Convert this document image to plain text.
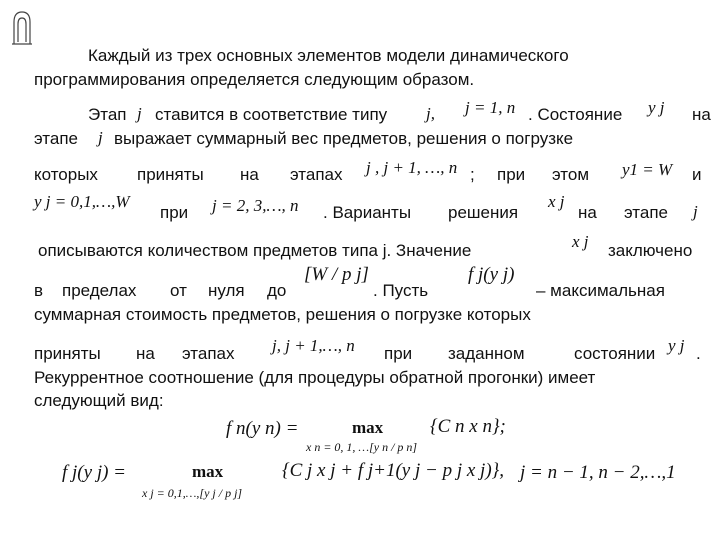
Каждый из трех основных элементов модели динамического
программирования определяется следующим образом.
Этап j ставится в соответствие типу j, j = 1, n . Состояние y j на
этапе j выражает суммарный вес предметов, решения о погрузке
которых приняты на этапах j , j + 1, …, n ; при этом y1 = W и
y j = 0,1,…,W
при j = 2, 3,…, n . Варианты решения
x j
на этапе j
описываются количеством предметов типа j. Значение	x j заключено
в пределах от нуля до
[W / p j]
. Пусть
f j(y j)
– максимальная
суммарная стоимость предметов, решения о погрузке которых
приняты на этапах j, j + 1,…, n при заданном	состоянии y j .
Рекуррентное соотношение (для процедуры обратной прогонки) имеет
следующий вид:
f n(y n) =	max
x n = 0, 1, …[y n / p n]
{C n x n};
f j(y j) =	max
x j = 0,1,…,[y j / p j]
{C j x j + f j+1(y j − p j x j)}, j = n − 1, n − 2,…,1
